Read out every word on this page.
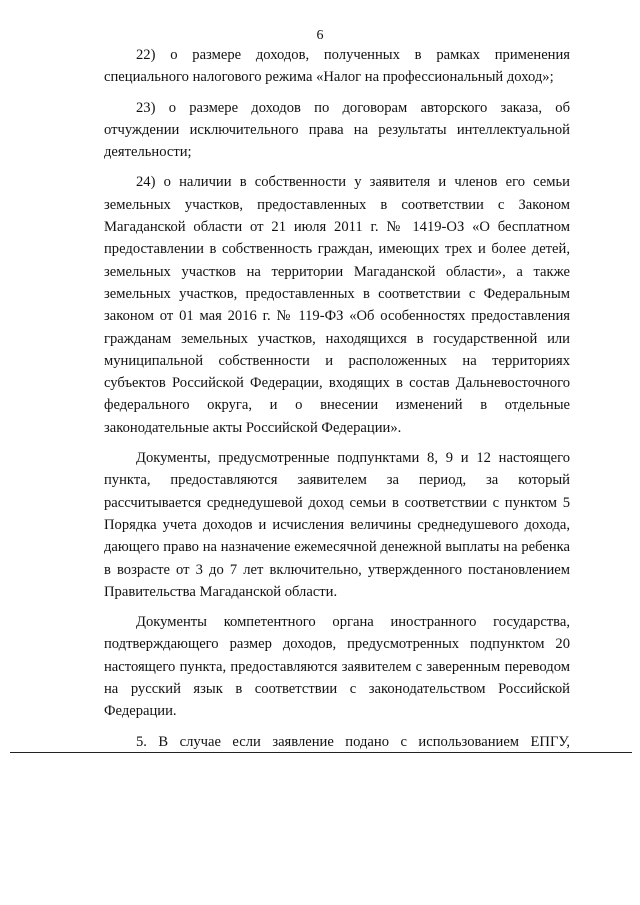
6

22) о размере доходов, полученных в рамках применения специального налогового режима «Налог на профессиональный доход»;

23) о размере доходов по договорам авторского заказа, об отчуждении исключительного права на результаты интеллектуальной деятельности;

24) о наличии в собственности у заявителя и членов его семьи земельных участков, предоставленных в соответствии с Законом Магаданской области от 21 июля 2011 г. № 1419-ОЗ «О бесплатном предоставлении в собственность граждан, имеющих трех и более детей, земельных участков на территории Магаданской области», а также земельных участков, предоставленных в соответствии с Федеральным законом от 01 мая 2016 г. № 119-ФЗ «Об особенностях предоставления гражданам земельных участков, находящихся в государственной или муниципальной собственности и расположенных на территориях субъектов Российской Федерации, входящих в состав Дальневосточного федерального округа, и о внесении изменений в отдельные законодательные акты Российской Федерации».

Документы, предусмотренные подпунктами 8, 9 и 12 настоящего пункта, предоставляются заявителем за период, за который рассчитывается среднедушевой доход семьи в соответствии с пунктом 5 Порядка учета доходов и исчисления величины среднедушевого дохода, дающего право на назначение ежемесячной денежной выплаты на ребенка в возрасте от 3 до 7 лет включительно, утвержденного постановлением Правительства Магаданской области.

Документы компетентного органа иностранного государства, подтверждающего размер доходов, предусмотренных подпунктом 20 настоящего пункта, предоставляются заявителем с заверенным переводом на русский язык в соответствии с законодательством Российской Федерации.

5. В случае если заявление подано с использованием ЕПГУ,
